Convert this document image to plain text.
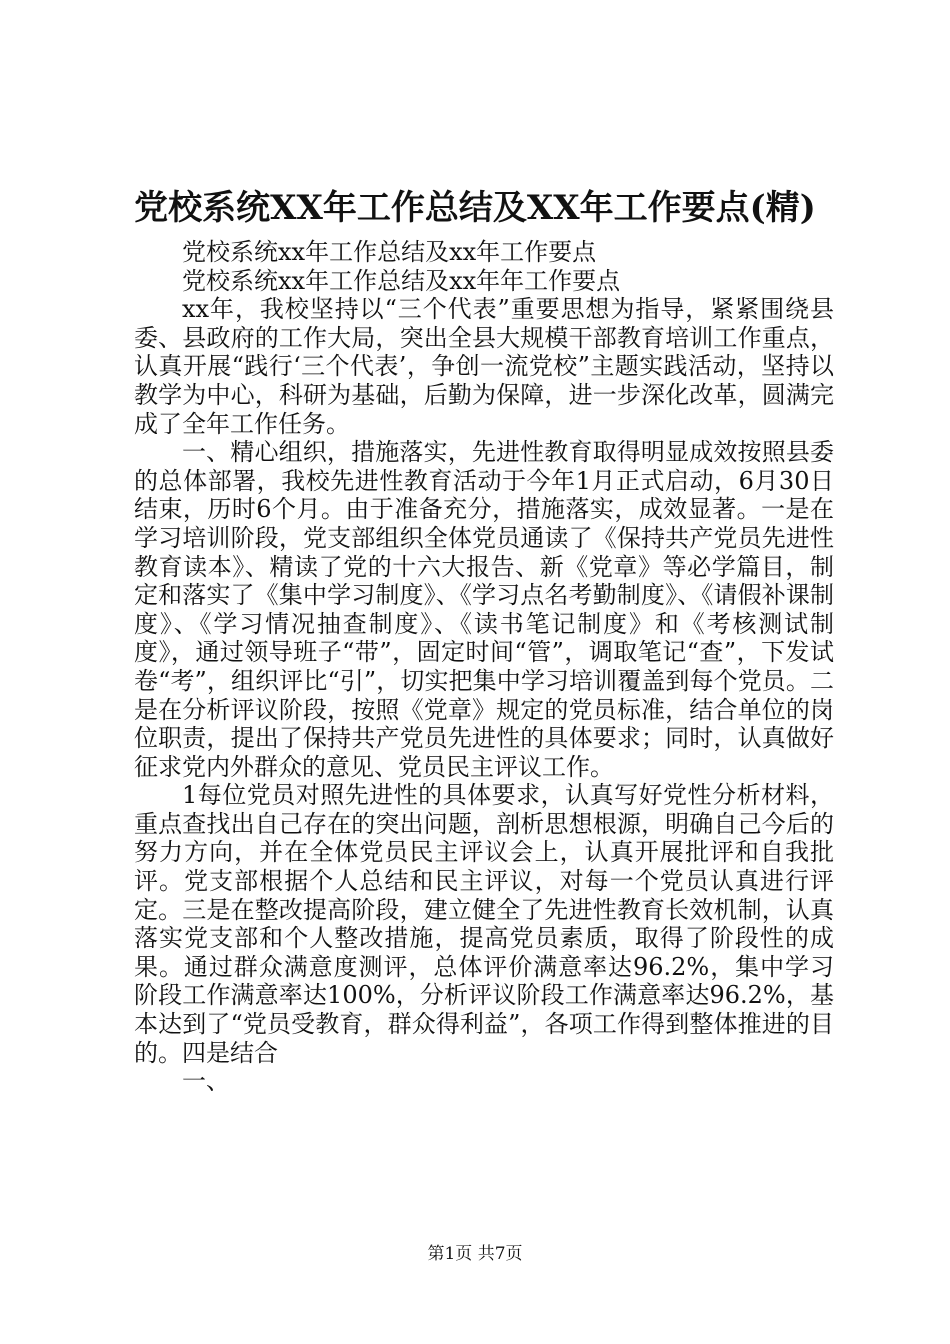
党校系统XX年工作总结及XX年工作要点(精)

党校系统xx年工作总结及xx年工作要点

党校系统xx年工作总结及xx年年工作要点

xx年，我校坚持以“三个代表”重要思想为指导，紧紧围绕县委、县政府的工作大局，突出全县大规模干部教育培训工作重点，认真开展“践行‘三个代表’，争创一流党校”主题实践活动，坚持以教学为中心，科研为基础，后勤为保障，进一步深化改革，圆满完成了全年工作任务。

一、精心组织，措施落实，先进性教育取得明显成效按照县委的总体部署，我校先进性教育活动于今年1月正式启动，6月30日结束，历时6个月。由于准备充分，措施落实，成效显著。一是在学习培训阶段，党支部组织全体党员通读了《保持共产党员先进性教育读本》、精读了党的十六大报告、新《党章》等必学篇目，制定和落实了《集中学习制度》、《学习点名考勤制度》、《请假补课制度》、《学习情况抽查制度》、《读书笔记制度》和《考核测试制度》，通过领导班子“带”，固定时间“管”，调取笔记“查”，下发试卷“考”，组织评比“引”，切实把集中学习培训覆盖到每个党员。二是在分析评议阶段，按照《党章》规定的党员标准，结合单位的岗位职责，提出了保持共产党员先进性的具体要求；同时，认真做好征求党内外群众的意见、党员民主评议工作。

1每位党员对照先进性的具体要求，认真写好党性分析材料，重点查找出自己存在的突出问题，剖析思想根源，明确自己今后的努力方向，并在全体党员民主评议会上，认真开展批评和自我批评。党支部根据个人总结和民主评议，对每一个党员认真进行评定。三是在整改提高阶段，建立健全了先进性教育长效机制，认真落实党支部和个人整改措施，提高党员素质，取得了阶段性的成果。通过群众满意度测评，总体评价满意率达96.2%，集中学习阶段工作满意率达100%，分析评议阶段工作满意率达96.2%，基本达到了“党员受教育，群众得利益”，各项工作得到整体推进的目的。四是结合

一、

第1页 共7页
